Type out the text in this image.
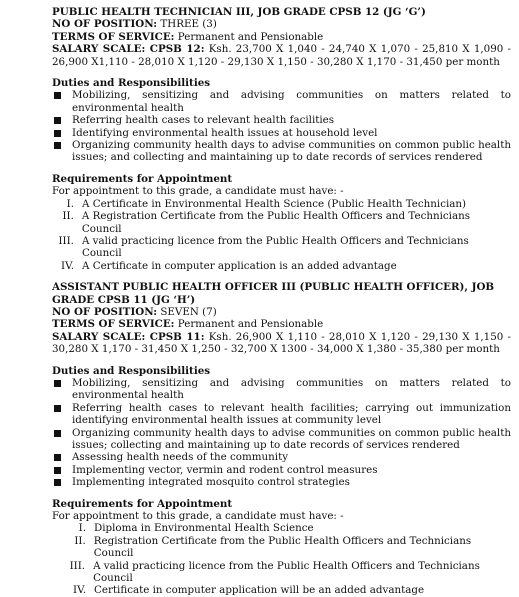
PUBLIC HEALTH TECHNICIAN III, JOB GRADE CPSB 12 (JG ‘G’)

NO OF POSITION: THREE (3)

TERMS OF SERVICE: Permanent and Pensionable

SALARY SCALE: CPSB 12: Ksh. 23,700 X 1,040 - 24,740 X 1,070 - 25,810 X 1,090 - 26,900 X1,110 - 28,010 X 1,120 - 29,130 X 1,150 - 30,280 X 1,170 - 31,450 per month

Duties and Responsibilities

Mobilizing, sensitizing and advising communities on matters related to environmental health
Referring health cases to relevant health facilities
Identifying environmental health issues at household level
Organizing community health days to advise communities on common public health issues; and collecting and maintaining up to date records of services rendered

Requirements for Appointment

For appointment to this grade, a candidate must have: -

I. A Certificate in Environmental Health Science (Public Health Technician)
II. A Registration Certificate from the Public Health Officers and Technicians Council
III. A valid practicing licence from the Public Health Officers and Technicians Council
IV. A Certificate in computer application is an added advantage

ASSISTANT PUBLIC HEALTH OFFICER III (PUBLIC HEALTH OFFICER), JOB GRADE CPSB 11 (JG ‘H’)

NO OF POSITION: SEVEN (7)

TERMS OF SERVICE: Permanent and Pensionable

SALARY SCALE: CPSB 11: Ksh. 26,900 X 1,110 - 28,010 X 1,120 - 29,130 X 1,150 - 30,280 X 1,170 - 31,450 X 1,250 - 32,700 X 1300 - 34,000 X 1,380 - 35,380 per month

Duties and Responsibilities

Mobilizing, sensitizing and advising communities on matters related to environmental health
Referring health cases to relevant health facilities; carrying out immunization identifying environmental health issues at community level
Organizing community health days to advise communities on common public health issues; collecting and maintaining up to date records of services rendered
Assessing health needs of the community
Implementing vector, vermin and rodent control measures
Implementing integrated mosquito control strategies

Requirements for Appointment

For appointment to this grade, a candidate must have: -

I. Diploma in Environmental Health Science
II. Registration Certificate from the Public Health Officers and Technicians Council
III. A valid practicing licence from the Public Health Officers and Technicians Council
IV. Certificate in computer application will be an added advantage
